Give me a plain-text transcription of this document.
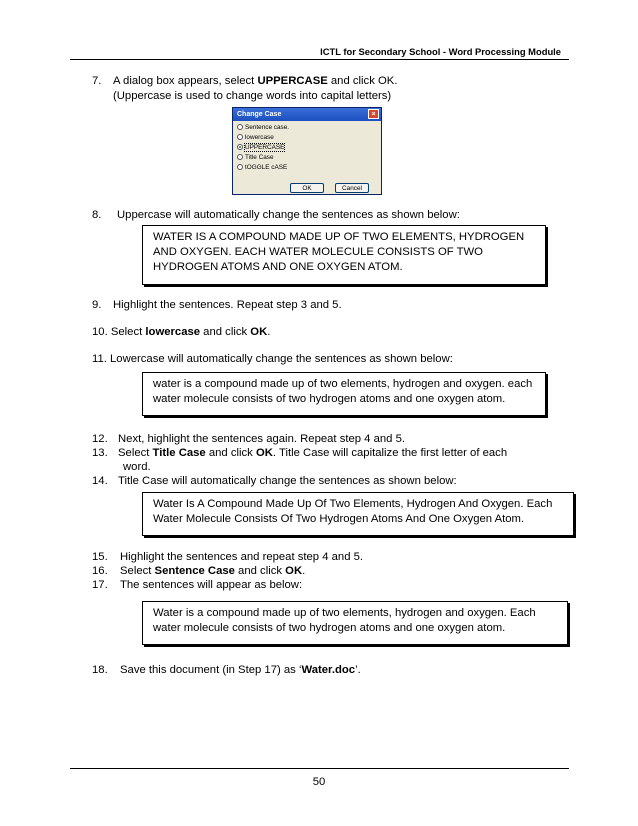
ICTL for Secondary School - Word Processing Module
7. A dialog box appears, select UPPERCASE and click OK.
(Uppercase is used to change words into capital letters)
Change Case	×
Sentence case.
lowercase
UPPERCASE
Title Case
tOGGLE cASE
OK	Cancel
8. Uppercase will automatically change the sentences as shown below:
WATER IS A COMPOUND MADE UP OF TWO ELEMENTS, HYDROGEN
AND OXYGEN. EACH WATER MOLECULE CONSISTS OF TWO
HYDROGEN ATOMS AND ONE OXYGEN ATOM.
9. Highlight the sentences. Repeat step 3 and 5.
10. Select lowercase and click OK.
11. Lowercase will automatically change the sentences as shown below:
water is a compound made up of two elements, hydrogen and oxygen. each
water molecule consists of two hydrogen atoms and one oxygen atom.
12. Next, highlight the sentences again. Repeat step 4 and 5.
13. Select Title Case and click OK. Title Case will capitalize the first letter of each
word.
14. Title Case will automatically change the sentences as shown below:
Water Is A Compound Made Up Of Two Elements, Hydrogen And Oxygen. Each
Water Molecule Consists Of Two Hydrogen Atoms And One Oxygen Atom.
15. Highlight the sentences and repeat step 4 and 5.
16. Select Sentence Case and click OK.
17. The sentences will appear as below:
Water is a compound made up of two elements, hydrogen and oxygen. Each
water molecule consists of two hydrogen atoms and one oxygen atom.
18. Save this document (in Step 17) as ‘Water.doc’.
50
